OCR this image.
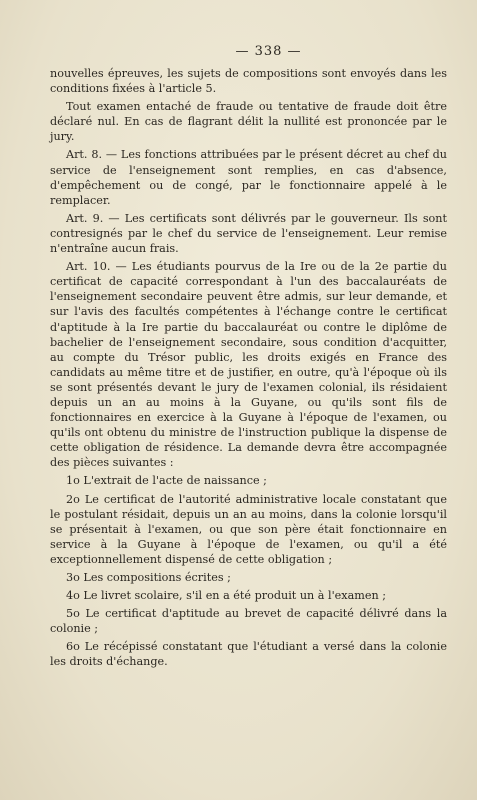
— 338 —

nouvelles épreuves, les sujets de compositions sont envoyés dans les conditions fixées à l'article 5.

Tout examen entaché de fraude ou tentative de fraude doit être déclaré nul. En cas de flagrant délit la nullité est prononcée par le jury.

Art. 8. — Les fonctions attribuées par le présent décret au chef du service de l'enseignement sont remplies, en cas d'absence, d'empêchement ou de congé, par le fonctionnaire appelé à le remplacer.

Art. 9. — Les certificats sont délivrés par le gouverneur. Ils sont contresignés par le chef du service de l'enseignement. Leur remise n'entraîne aucun frais.

Art. 10. — Les étudiants pourvus de la Ire ou de la 2e partie du certificat de capacité correspondant à l'un des baccalauréats de l'enseignement secondaire peuvent être admis, sur leur demande, et sur l'avis des facultés compétentes à l'échange contre le certificat d'aptitude à la Ire partie du baccalauréat ou contre le diplôme de bachelier de l'enseignement secondaire, sous condition d'acquitter, au compte du Trésor public, les droits exigés en France des candidats au même titre et de justifier, en outre, qu'à l'époque où ils se sont présentés devant le jury de l'examen colonial, ils résidaient depuis un an au moins à la Guyane, ou qu'ils sont fils de fonctionnaires en exercice à la Guyane à l'époque de l'examen, ou qu'ils ont obtenu du ministre de l'instruction publique la dispense de cette obligation de résidence. La demande devra être accompagnée des pièces suivantes :

1o L'extrait de l'acte de naissance ;

2o Le certificat de l'autorité administrative locale constatant que le postulant résidait, depuis un an au moins, dans la colonie lorsqu'il se présentait à l'examen, ou que son père était fonctionnaire en service à la Guyane à l'époque de l'examen, ou qu'il a été exceptionnellement dispensé de cette obligation ;

3o Les compositions écrites ;

4o Le livret scolaire, s'il en a été produit un à l'examen ;

5o Le certificat d'aptitude au brevet de capacité délivré dans la colonie ;

6o Le récépissé constatant que l'étudiant a versé dans la colonie les droits d'échange.
